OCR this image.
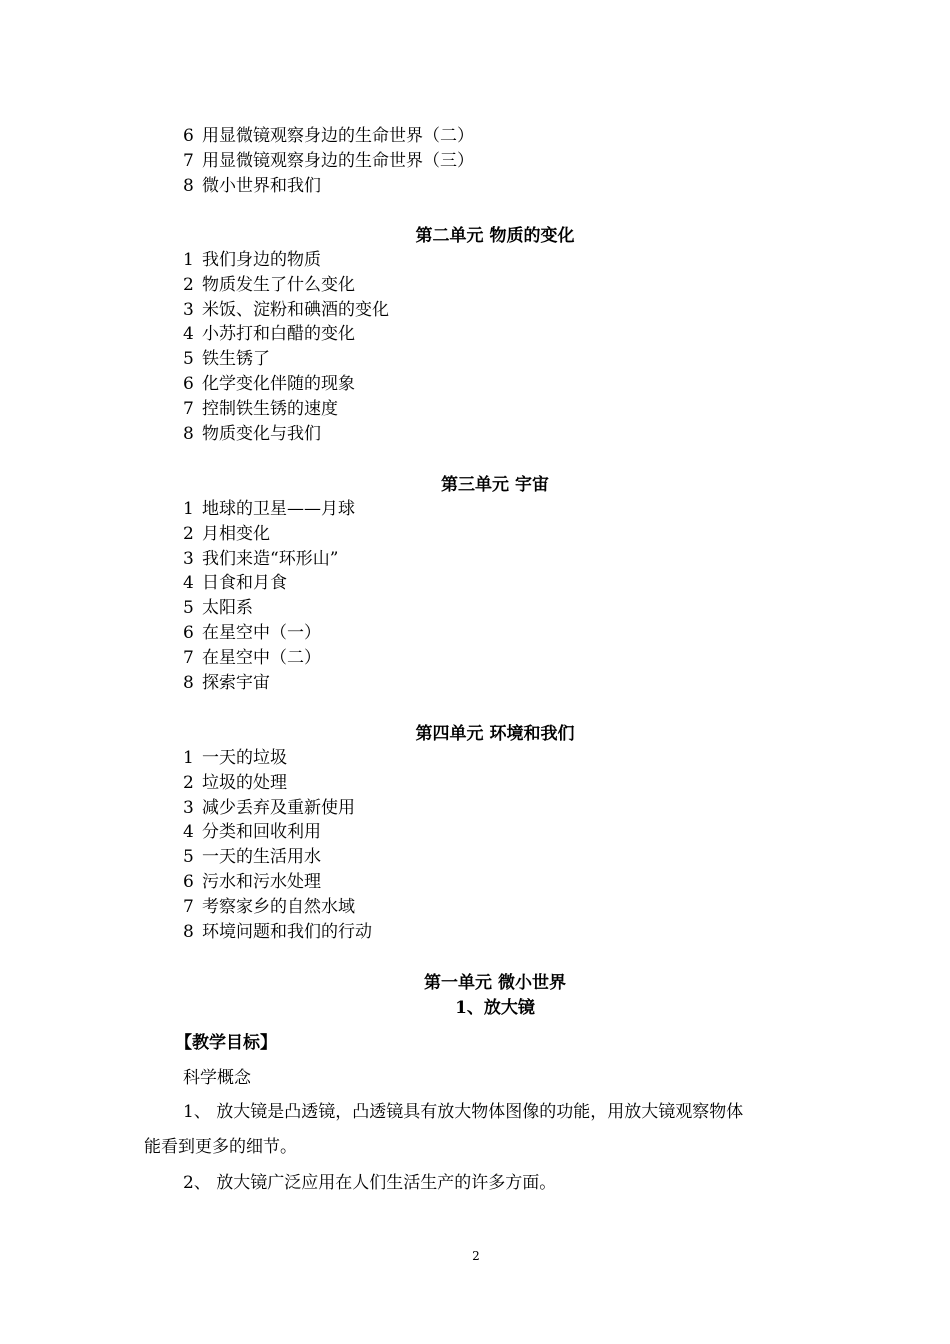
6 用显微镜观察身边的生命世界（二）
7 用显微镜观察身边的生命世界（三）
8 微小世界和我们
第二单元 物质的变化
1 我们身边的物质
2 物质发生了什么变化
3 米饭、淀粉和碘酒的变化
4 小苏打和白醋的变化
5 铁生锈了
6 化学变化伴随的现象
7 控制铁生锈的速度
8 物质变化与我们
第三单元 宇宙
1 地球的卫星——月球
2 月相变化
3 我们来造“环形山”
4 日食和月食
5 太阳系
6 在星空中（一）
7 在星空中（二）
8 探索宇宙
第四单元 环境和我们
1 一天的垃圾
2 垃圾的处理
3 减少丢弃及重新使用
4 分类和回收利用
5 一天的生活用水
6 污水和污水处理
7 考察家乡的自然水域
8 环境问题和我们的行动
第一单元 微小世界
1、放大镜
【教学目标】
科学概念
1、 放大镜是凸透镜，凸透镜具有放大物体图像的功能，用放大镜观察物体
能看到更多的细节。
2、 放大镜广泛应用在人们生活生产的许多方面。
2
